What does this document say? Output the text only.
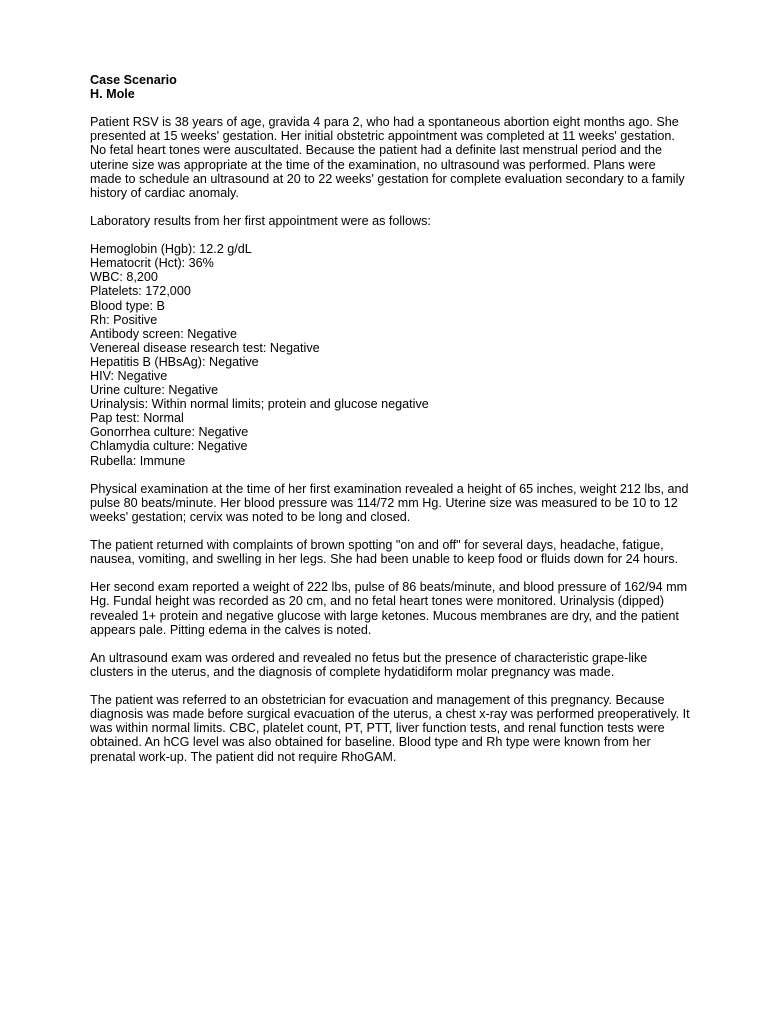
Case Scenario
H. Mole

Patient RSV is 38 years of age, gravida 4 para 2, who had a spontaneous abortion eight months ago. She presented at 15 weeks' gestation. Her initial obstetric appointment was completed at 11 weeks' gestation. No fetal heart tones were auscultated. Because the patient had a definite last menstrual period and the uterine size was appropriate at the time of the examination, no ultrasound was performed. Plans were made to schedule an ultrasound at 20 to 22 weeks' gestation for complete evaluation secondary to a family history of cardiac anomaly.

Laboratory results from her first appointment were as follows:

Hemoglobin (Hgb): 12.2 g/dL
Hematocrit (Hct): 36%
WBC: 8,200
Platelets: 172,000
Blood type: B
Rh: Positive
Antibody screen: Negative
Venereal disease research test: Negative
Hepatitis B (HBsAg): Negative
HIV: Negative
Urine culture: Negative
Urinalysis: Within normal limits; protein and glucose negative
Pap test: Normal
Gonorrhea culture: Negative
Chlamydia culture: Negative
Rubella: Immune

Physical examination at the time of her first examination revealed a height of 65 inches, weight 212 lbs, and pulse 80 beats/minute. Her blood pressure was 114/72 mm Hg. Uterine size was measured to be 10 to 12 weeks' gestation; cervix was noted to be long and closed.

The patient returned with complaints of brown spotting "on and off" for several days, headache, fatigue, nausea, vomiting, and swelling in her legs. She had been unable to keep food or fluids down for 24 hours.

Her second exam reported a weight of 222 lbs, pulse of 86 beats/minute, and blood pressure of 162/94 mm Hg. Fundal height was recorded as 20 cm, and no fetal heart tones were monitored. Urinalysis (dipped) revealed 1+ protein and negative glucose with large ketones. Mucous membranes are dry, and the patient appears pale. Pitting edema in the calves is noted.

An ultrasound exam was ordered and revealed no fetus but the presence of characteristic grape-like clusters in the uterus, and the diagnosis of complete hydatidiform molar pregnancy was made.

The patient was referred to an obstetrician for evacuation and management of this pregnancy. Because diagnosis was made before surgical evacuation of the uterus, a chest x-ray was performed preoperatively. It was within normal limits. CBC, platelet count, PT, PTT, liver function tests, and renal function tests were obtained. An hCG level was also obtained for baseline. Blood type and Rh type were known from her prenatal work-up. The patient did not require RhoGAM.
